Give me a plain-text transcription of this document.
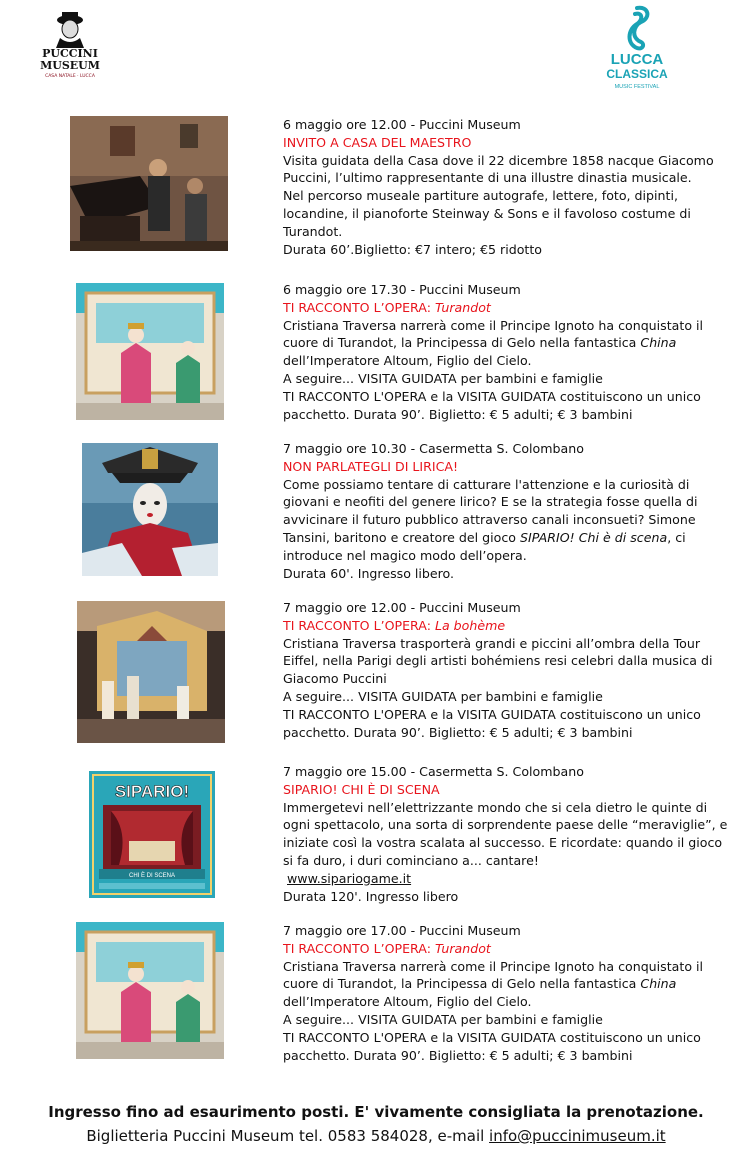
PUCCINI
MUSEUM
CASA NATALE · LUCCA
LUCCA
CLASSICA
MUSIC FESTIVAL
SIPARIO!
CHI È DI SCENA

6 maggio ore 12.00 - Puccini Museum

INVITO A CASA DEL MAESTRO

Visita guidata della Casa dove il 22 dicembre 1858 nacque Giacomo

Puccini, l’ultimo rappresentante di una illustre dinastia musicale.

Nel percorso museale partiture autografe, lettere, foto, dipinti,

locandine, il pianoforte Steinway & Sons e il favoloso costume di

Turandot.

Durata 60’.Biglietto: €7 intero; €5 ridotto

6 maggio ore 17.30 - Puccini Museum

TI RACCONTO L’OPERA: Turandot

Cristiana Traversa narrerà come il Principe Ignoto ha conquistato il

cuore di Turandot, la Principessa di Gelo nella fantastica China

dell’Imperatore Altoum, Figlio del Cielo.

A seguire... VISITA GUIDATA per bambini e famiglie

TI RACCONTO L'OPERA e la VISITA GUIDATA costituiscono un unico

pacchetto. Durata 90’. Biglietto: € 5 adulti; € 3 bambini

7 maggio ore 10.30 - Casermetta S. Colombano

NON PARLATEGLI DI LIRICA!

Come possiamo tentare di catturare l'attenzione e la curiosità di

giovani e neofiti del genere lirico? E se la strategia fosse quella di

avvicinare il futuro pubblico attraverso canali inconsueti? Simone

Tansini, baritono e creatore del gioco SIPARIO! Chi è di scena, ci

introduce nel magico modo dell’opera.

Durata 60'. Ingresso libero.

7 maggio ore 12.00 - Puccini Museum

TI RACCONTO L’OPERA: La bohème

Cristiana Traversa trasporterà grandi e piccini all’ombra della Tour

Eiffel, nella Parigi degli artisti bohémiens resi celebri dalla musica di

Giacomo Puccini

A seguire... VISITA GUIDATA per bambini e famiglie

TI RACCONTO L'OPERA e la VISITA GUIDATA costituiscono un unico

pacchetto. Durata 90’. Biglietto: € 5 adulti; € 3 bambini

7 maggio ore 15.00 - Casermetta S. Colombano

SIPARIO! CHI È DI SCENA

Immergetevi nell’elettrizzante mondo che si cela dietro le quinte di

ogni spettacolo, una sorta di sorprendente paese delle “meraviglie”, e

iniziate così la vostra scalata al successo. E ricordate: quando il gioco

si fa duro, i duri cominciano a... cantare!

www.sipariogame.it

Durata 120'. Ingresso libero

7 maggio ore 17.00 - Puccini Museum

TI RACCONTO L’OPERA: Turandot

Cristiana Traversa narrerà come il Principe Ignoto ha conquistato il

cuore di Turandot, la Principessa di Gelo nella fantastica China

dell’Imperatore Altoum, Figlio del Cielo.

A seguire... VISITA GUIDATA per bambini e famiglie

TI RACCONTO L'OPERA e la VISITA GUIDATA costituiscono un unico

pacchetto. Durata 90’. Biglietto: € 5 adulti; € 3 bambini

Ingresso fino ad esaurimento posti. E' vivamente consigliata la prenotazione.
Biglietteria Puccini Museum tel. 0583 584028, e-mail info@puccinimuseum.it
